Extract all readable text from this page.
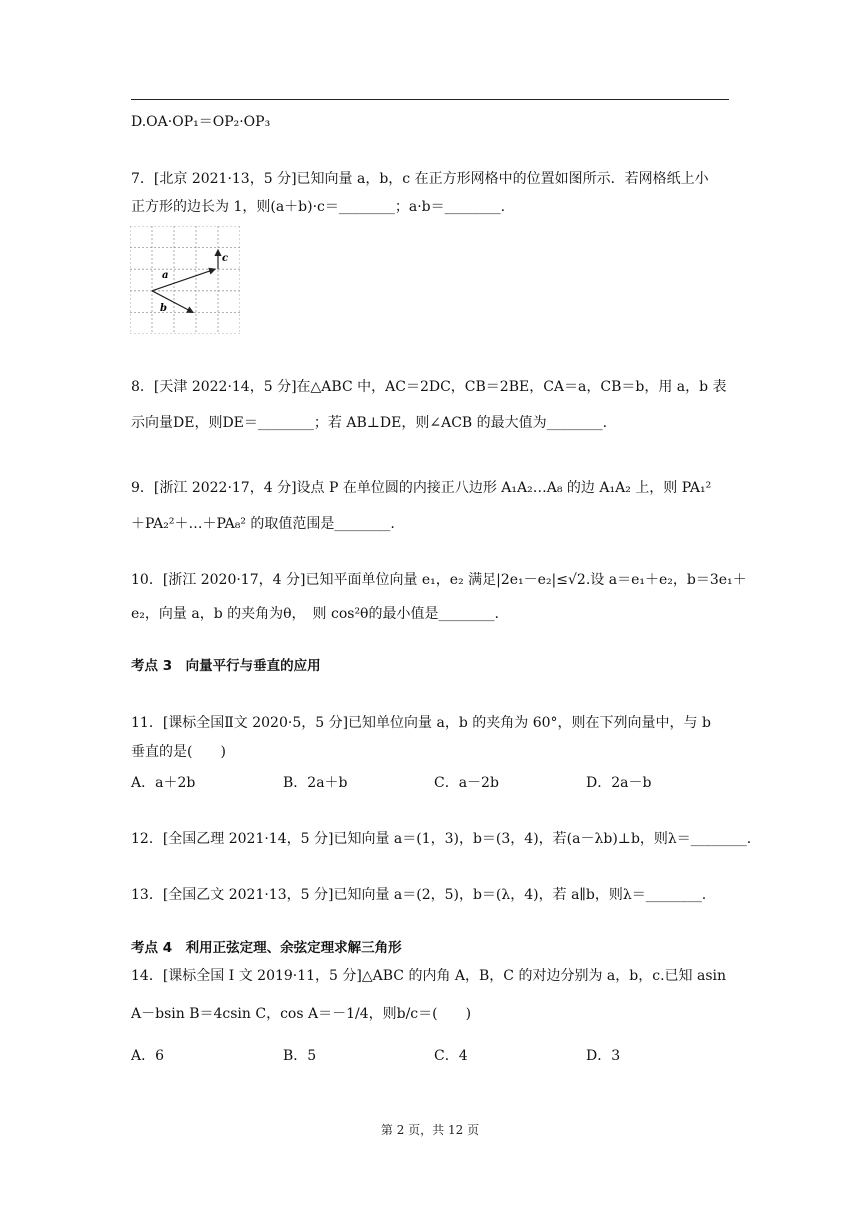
D.OA·OP₁＝OP₂·OP₃
7．[北京 2021·13，5 分]已知向量 a，b，c 在正方形网格中的位置如图所示．若网格纸上小
正方形的边长为 1，则(a＋b)·c＝________；a·b＝________.
a
b
c
8．[天津 2022·14，5 分]在△ABC 中，AC＝2DC，CB＝2BE，CA＝a，CB＝b，用 a，b 表
示向量DE，则DE＝________；若 AB⊥DE，则∠ACB 的最大值为________.
9．[浙江 2022·17，4 分]设点 P 在单位圆的内接正八边形 A₁A₂…A₈ 的边 A₁A₂ 上，则 PA₁²
＋PA₂²＋…＋PA₈² 的取值范围是________.
10．[浙江 2020·17，4 分]已知平面单位向量 e₁，e₂ 满足|2e₁－e₂|≤√2.设 a＝e₁＋e₂，b＝3e₁＋
e₂，向量 a，b 的夹角为θ，　则 cos²θ的最小值是________.
考点 3　向量平行与垂直的应用
11．[课标全国Ⅱ文 2020·5，5 分]已知单位向量 a，b 的夹角为 60°，则在下列向量中，与 b
垂直的是(　　)
A．a＋2b	B．2a＋b	C．a－2b	D．2a－b
12．[全国乙理 2021·14，5 分]已知向量 a＝(1，3)，b＝(3，4)，若(a－λb)⊥b，则λ＝________.
13．[全国乙文 2021·13，5 分]已知向量 a＝(2，5)，b＝(λ，4)，若 a∥b，则λ＝________.
考点 4　利用正弦定理、余弦定理求解三角形
14．[课标全国 Ⅰ 文 2019·11，5 分]△ABC 的内角 A，B，C 的对边分别为 a，b，c.已知 asin
A－bsin B＝4csin C，cos A＝－1/4，则b/c＝(　　)
A．6	B．5	C．4	D．3
第 2 页，共 12 页
